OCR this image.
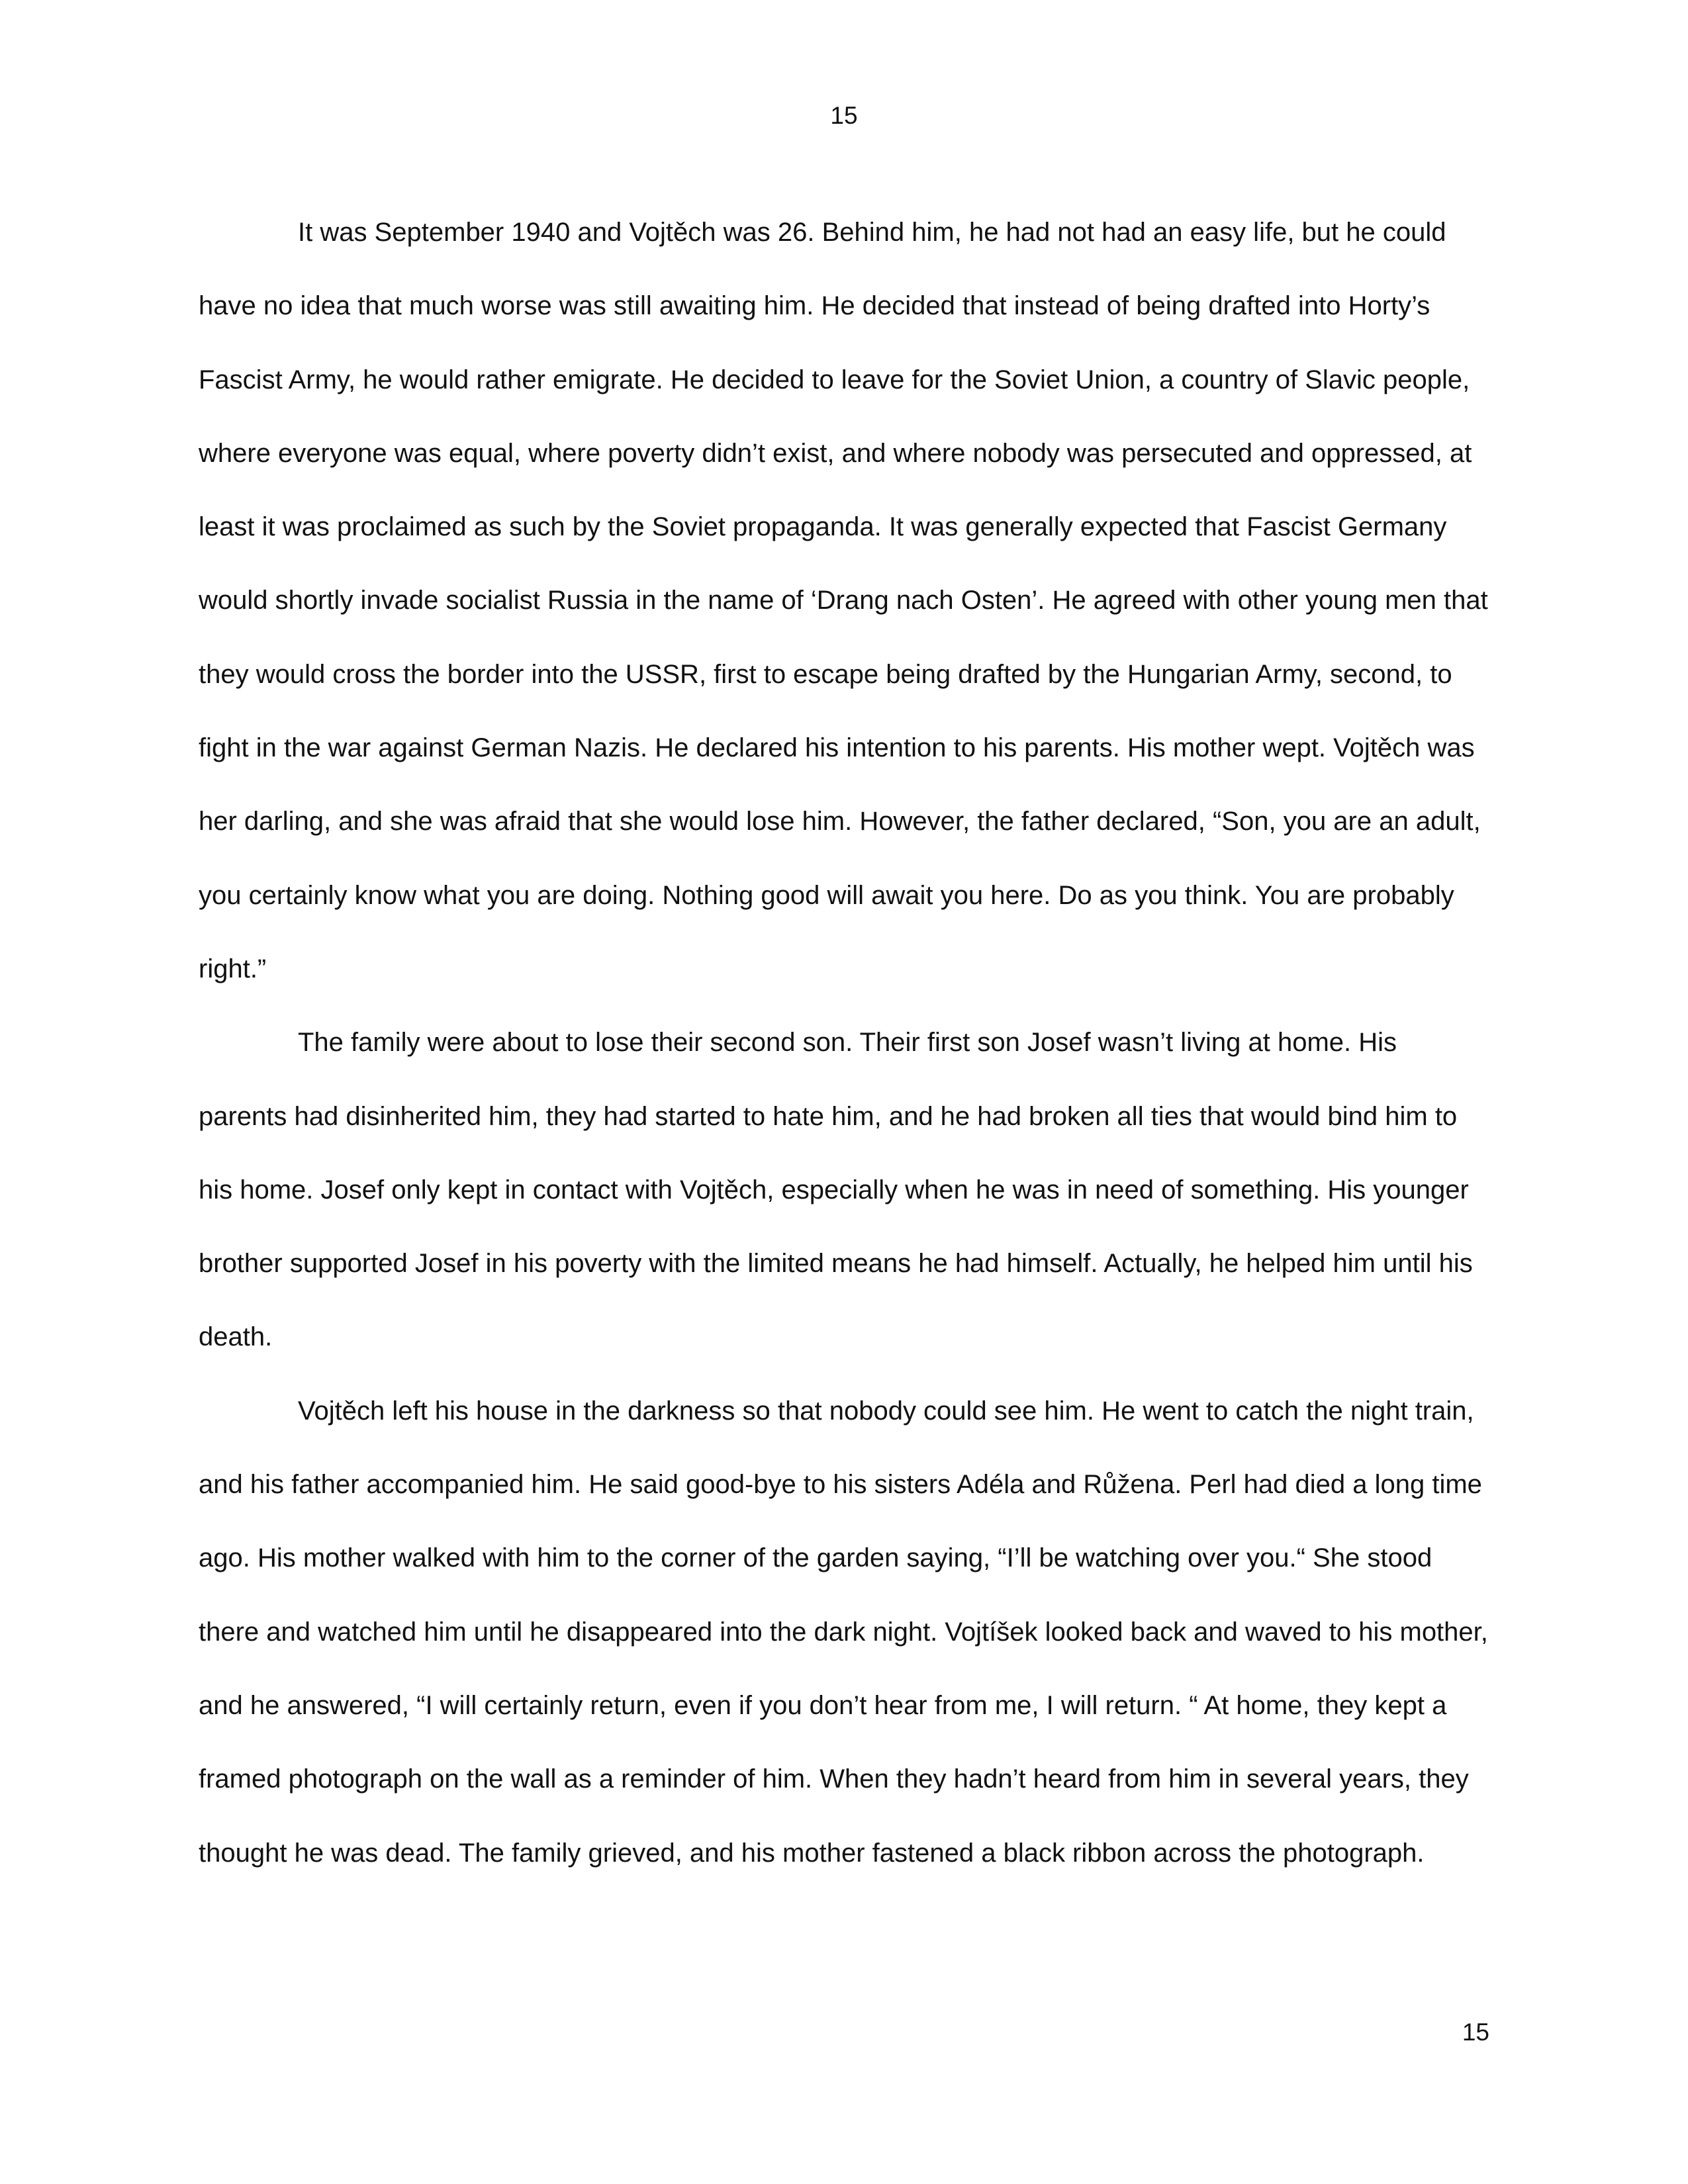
15

It was September 1940 and Vojtěch was 26. Behind him, he had not had an easy life, but he could have no idea that much worse was still awaiting him. He decided that instead of being drafted into Horty’s Fascist Army, he would rather emigrate. He decided to leave for the Soviet Union, a country of Slavic people, where everyone was equal, where poverty didn’t exist, and where nobody was persecuted and oppressed, at least it was proclaimed as such by the Soviet propaganda. It was generally expected that Fascist Germany would shortly invade socialist Russia in the name of ‘Drang nach Osten’. He agreed with other young men that they would cross the border into the USSR, first to escape being drafted by the Hungarian Army, second, to fight in the war against German Nazis. He declared his intention to his parents. His mother wept. Vojtěch was her darling, and she was afraid that she would lose him. However, the father declared, “Son, you are an adult, you certainly know what you are doing. Nothing good will await you here. Do as you think. You are probably right.”

The family were about to lose their second son. Their first son Josef wasn’t living at home. His parents had disinherited him, they had started to hate him, and he had broken all ties that would bind him to his home. Josef only kept in contact with Vojtěch, especially when he was in need of something. His younger brother supported Josef in his poverty with the limited means he had himself. Actually, he helped him until his death.

Vojtěch left his house in the darkness so that nobody could see him. He went to catch the night train, and his father accompanied him. He said good-bye to his sisters Adéla and Růžena. Perl had died a long time ago. His mother walked with him to the corner of the garden saying, “I’ll be watching over you.“ She stood there and watched him until he disappeared into the dark night. Vojtíšek looked back and waved to his mother, and he answered, “I will certainly return, even if you don’t hear from me, I will return. “ At home, they kept a framed photograph on the wall as a reminder of him. When they hadn’t heard from him in several years, they thought he was dead. The family grieved, and his mother fastened a black ribbon across the photograph.

15
